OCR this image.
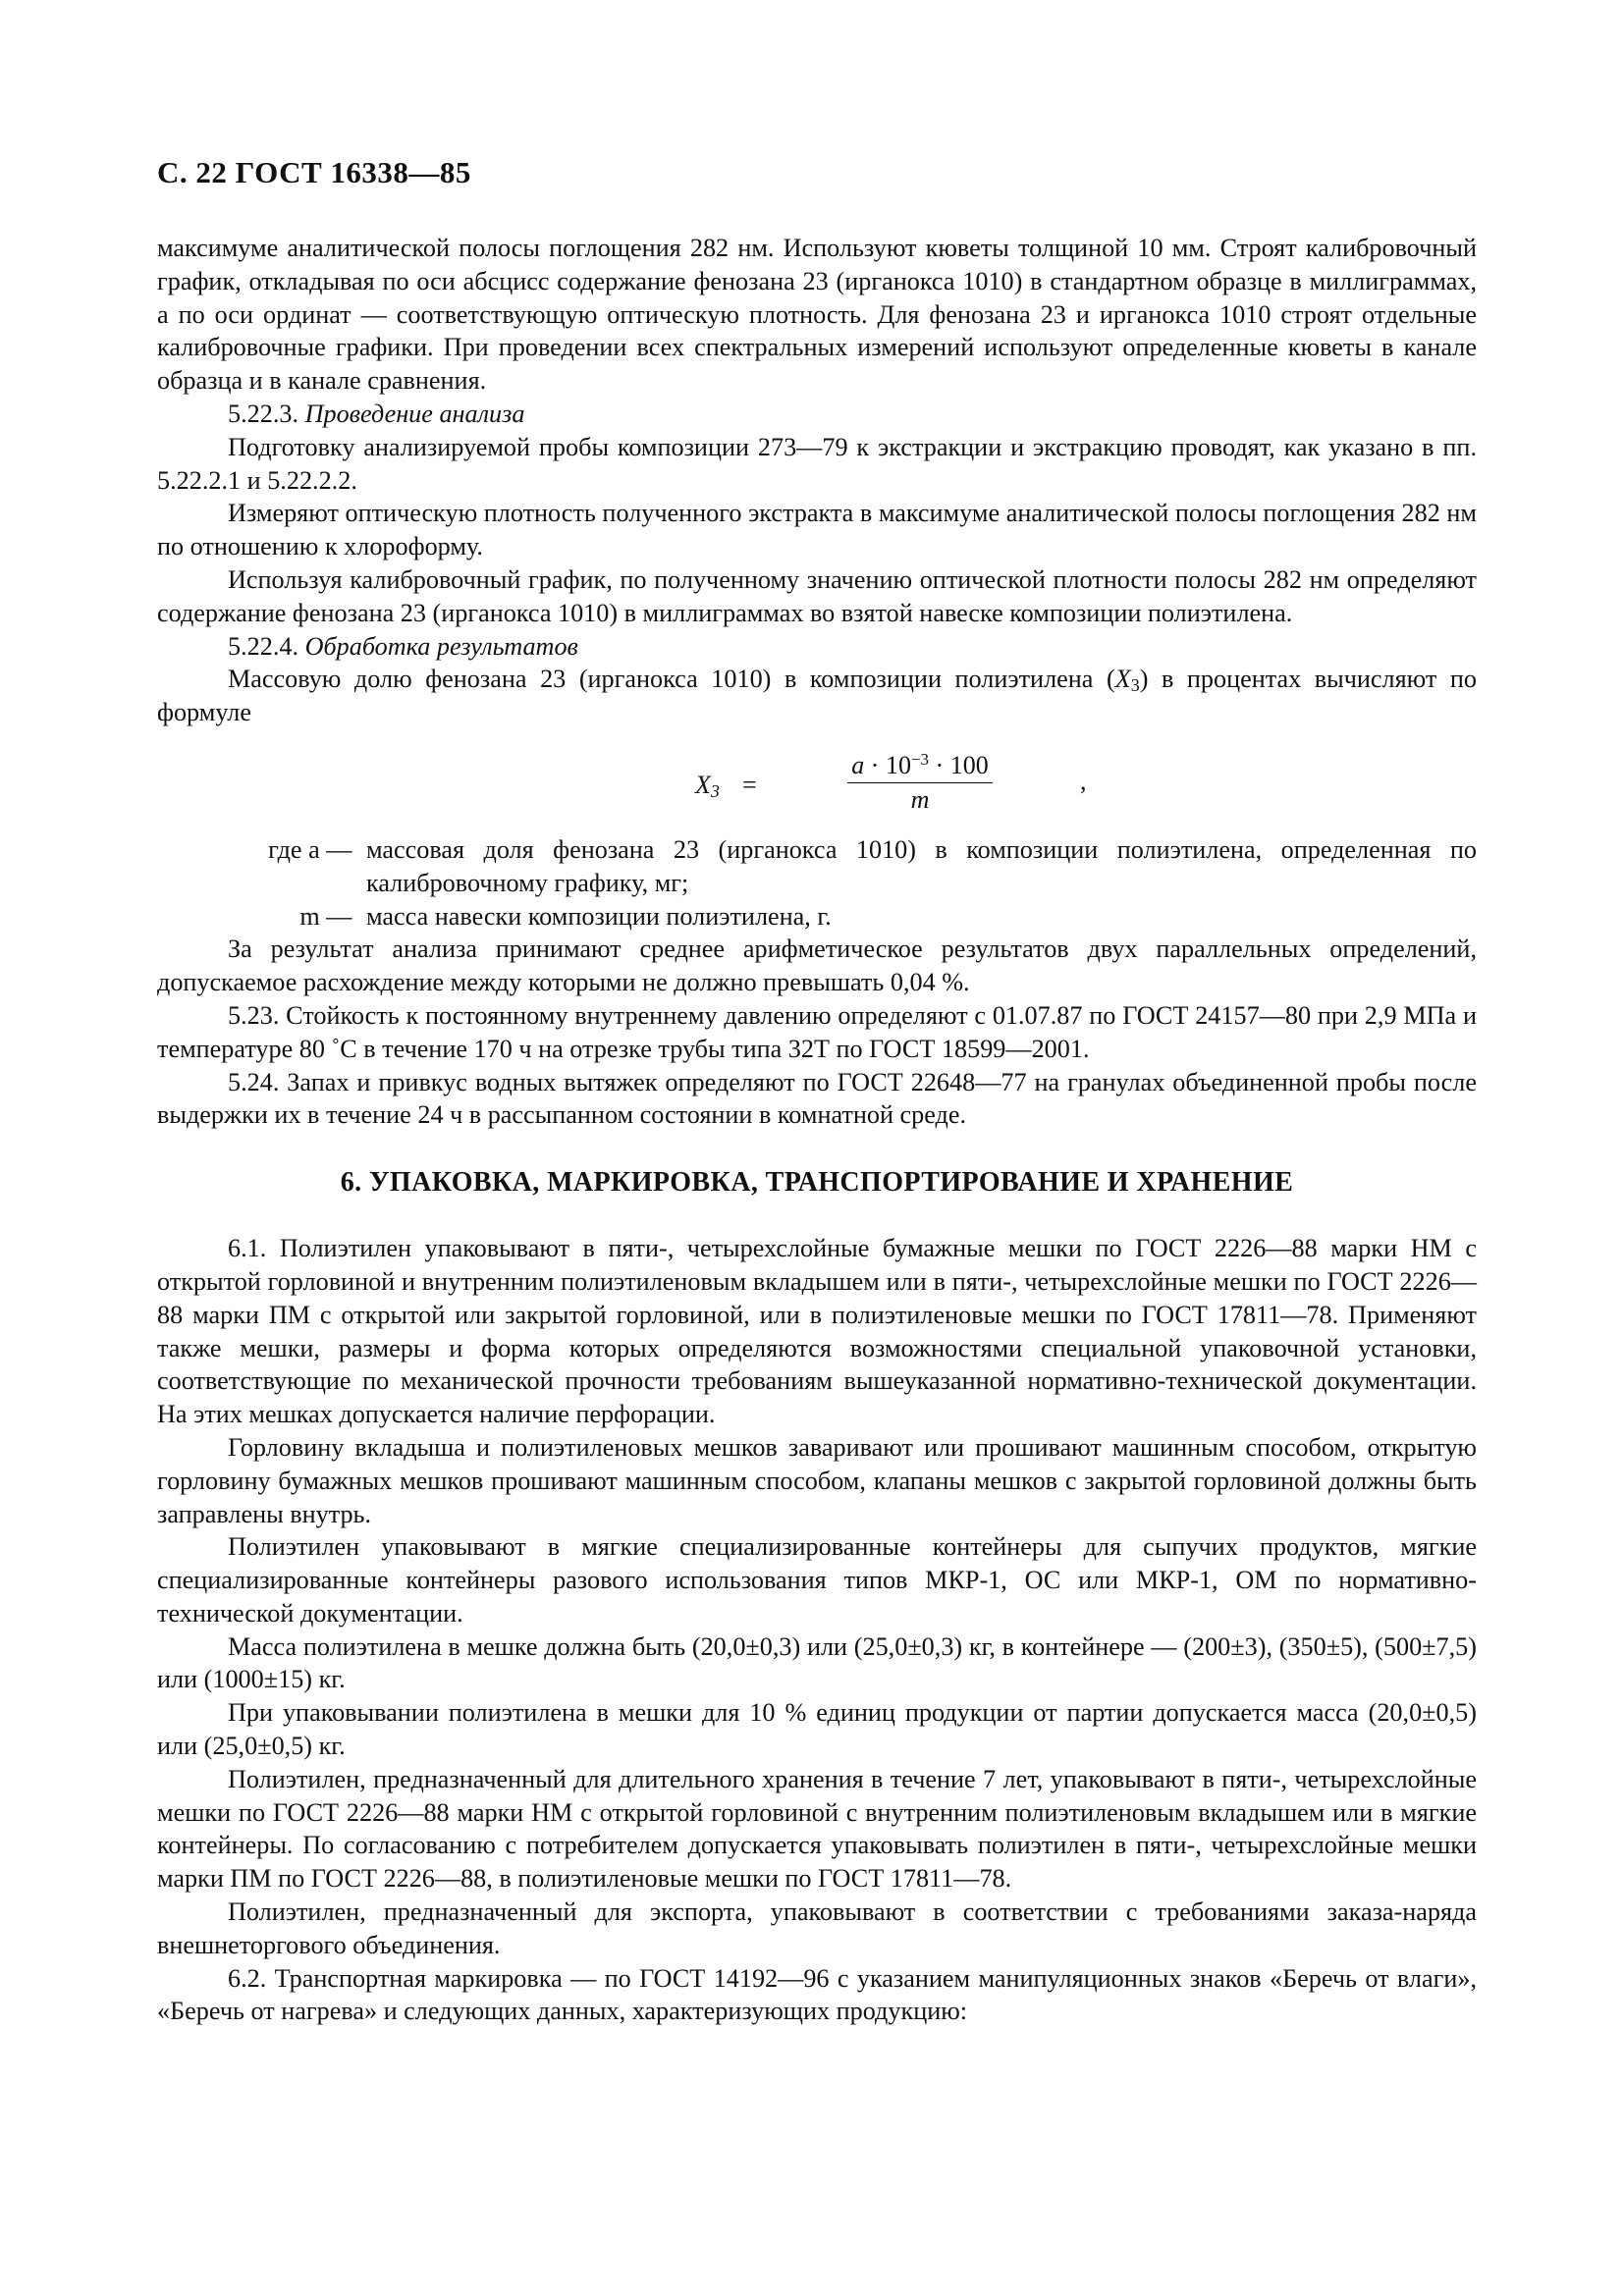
С. 22 ГОСТ 16338—85

максимуме аналитической полосы поглощения 282 нм. Используют кюветы толщиной 10 мм. Строят калибровочный график, откладывая по оси абсцисс содержание фенозана 23 (ирганокса 1010) в стандартном образце в миллиграммах, а по оси ординат — соответствующую оптическую плотность. Для фенозана 23 и ирганокса 1010 строят отдельные калибровочные графики. При проведении всех спектральных измерений используют определенные кюветы в канале образца и в канале сравнения.

5.22.3. Проведение анализа

Подготовку анализируемой пробы композиции 273—79 к экстракции и экстракцию проводят, как указано в пп. 5.22.2.1 и 5.22.2.2.

Измеряют оптическую плотность полученного экстракта в максимуме аналитической полосы поглощения 282 нм по отношению к хлороформу.

Используя калибровочный график, по полученному значению оптической плотности полосы 282 нм определяют содержание фенозана 23 (ирганокса 1010) в миллиграммах во взятой навеске композиции полиэтилена.

5.22.4. Обработка результатов

Массовую долю фенозана 23 (ирганокса 1010) в композиции полиэтилена $(X_3)$ в процентах вычисляют по формуле

$X_3 = \frac{a \cdot 10^{-3} \cdot 100}{m}$ ,
где a — массовая доля фенозана 23 (ирганокса 1010) в композиции полиэтилена, определенная по калибровочному графику, мг;
m — масса навески композиции полиэтилена, г.

За результат анализа принимают среднее арифметическое результатов двух параллельных определений, допускаемое расхождение между которыми не должно превышать 0,04 %.

5.23. Стойкость к постоянному внутреннему давлению определяют с 01.07.87 по ГОСТ 24157—80 при 2,9 МПа и температуре 80 ˚С в течение 170 ч на отрезке трубы типа 32Т по ГОСТ 18599—2001.

5.24. Запах и привкус водных вытяжек определяют по ГОСТ 22648—77 на гранулах объединенной пробы после выдержки их в течение 24 ч в рассыпанном состоянии в комнатной среде.

6. УПАКОВКА, МАРКИРОВКА, ТРАНСПОРТИРОВАНИЕ И ХРАНЕНИЕ

6.1. Полиэтилен упаковывают в пяти-, четырехслойные бумажные мешки по ГОСТ 2226—88 марки НМ с открытой горловиной и внутренним полиэтиленовым вкладышем или в пяти-, четырехслойные мешки по ГОСТ 2226—88 марки ПМ с открытой или закрытой горловиной, или в полиэтиленовые мешки по ГОСТ 17811—78. Применяют также мешки, размеры и форма которых определяются возможностями специальной упаковочной установки, соответствующие по механической прочности требованиям вышеуказанной нормативно-технической документации. На этих мешках допускается наличие перфорации.

Горловину вкладыша и полиэтиленовых мешков заваривают или прошивают машинным способом, открытую горловину бумажных мешков прошивают машинным способом, клапаны мешков с закрытой горловиной должны быть заправлены внутрь.

Полиэтилен упаковывают в мягкие специализированные контейнеры для сыпучих продуктов, мягкие специализированные контейнеры разового использования типов МКР-1, ОС или МКР-1, ОМ по нормативно-технической документации.

Масса полиэтилена в мешке должна быть (20,0±0,3) или (25,0±0,3) кг, в контейнере — (200±3), (350±5), (500±7,5) или (1000±15) кг.

При упаковывании полиэтилена в мешки для 10 % единиц продукции от партии допускается масса (20,0±0,5) или (25,0±0,5) кг.

Полиэтилен, предназначенный для длительного хранения в течение 7 лет, упаковывают в пяти-, четырехслойные мешки по ГОСТ 2226—88 марки НМ с открытой горловиной с внутренним полиэтиленовым вкладышем или в мягкие контейнеры. По согласованию с потребителем допускается упаковывать полиэтилен в пяти-, четырехслойные мешки марки ПМ по ГОСТ 2226—88, в полиэтиленовые мешки по ГОСТ 17811—78.

Полиэтилен, предназначенный для экспорта, упаковывают в соответствии с требованиями заказа-наряда внешнеторгового объединения.

6.2. Транспортная маркировка — по ГОСТ 14192—96 с указанием манипуляционных знаков «Беречь от влаги», «Беречь от нагрева» и следующих данных, характеризующих продукцию:
